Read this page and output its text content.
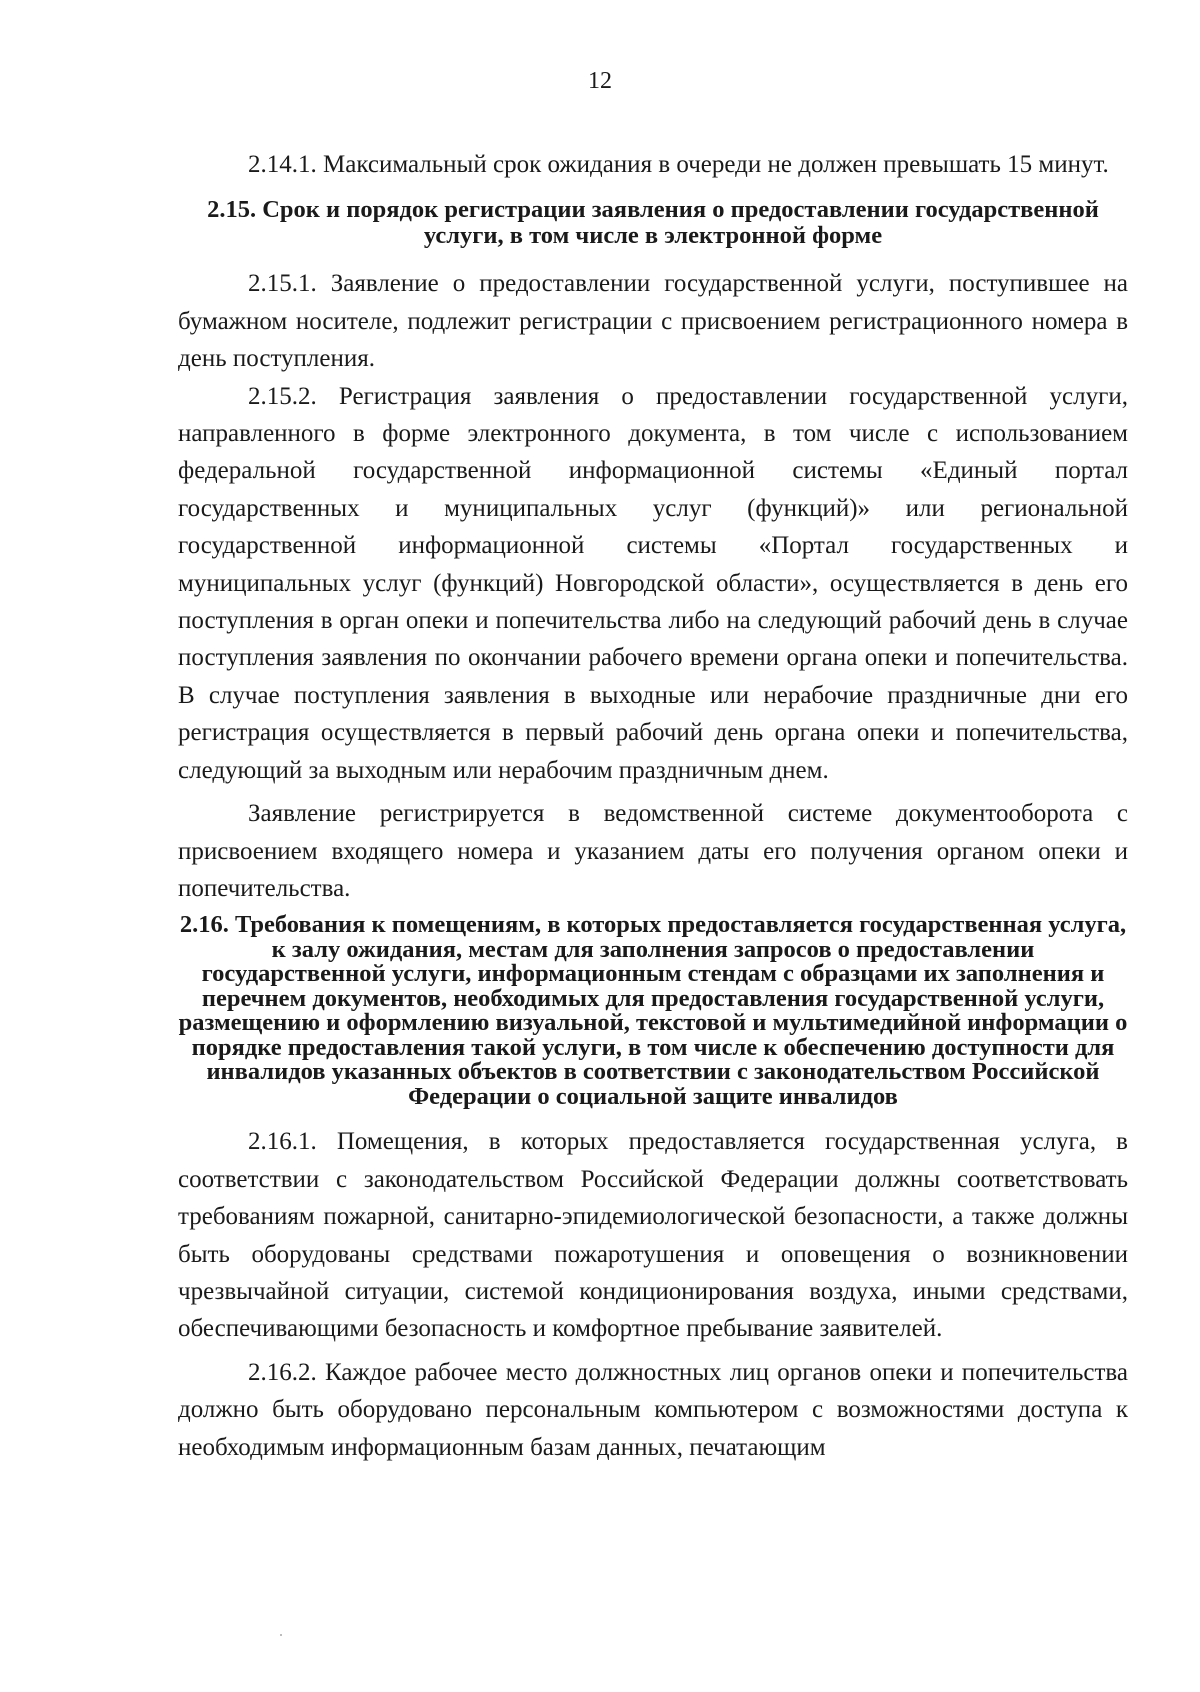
12

2.14.1. Максимальный срок ожидания в очереди не должен превышать 15 минут.

2.15. Срок и порядок регистрации заявления о предоставлении государственной услуги, в том числе в электронной форме

2.15.1. Заявление о предоставлении государственной услуги, поступившее на бумажном носителе, подлежит регистрации с присвоением регистрационного номера в день поступления.

2.15.2. Регистрация заявления о предоставлении государственной услуги, направленного в форме электронного документа, в том числе с использованием федеральной государственной информационной системы «Единый портал государственных и муниципальных услуг (функций)» или региональной государственной информационной системы «Портал государственных и муниципальных услуг (функций) Новгородской области», осуществляется в день его поступления в орган опеки и попечительства либо на следующий рабочий день в случае поступления заявления по окончании рабочего времени органа опеки и попечительства. В случае поступления заявления в выходные или нерабочие праздничные дни его регистрация осуществляется в первый рабочий день органа опеки и попечительства, следующий за выходным или нерабочим праздничным днем.

Заявление регистрируется в ведомственной системе документооборота с присвоением входящего номера и указанием даты его получения органом опеки и попечительства.

2.16. Требования к помещениям, в которых предоставляется государственная услуга, к залу ожидания, местам для заполнения запросов о предоставлении государственной услуги, информационным стендам с образцами их заполнения и перечнем документов, необходимых для предоставления государственной услуги, размещению и оформлению визуальной, текстовой и мультимедийной информации о порядке предоставления такой услуги, в том числе к обеспечению доступности для инвалидов указанных объектов в соответствии с законодательством Российской Федерации о социальной защите инвалидов

2.16.1. Помещения, в которых предоставляется государственная услуга, в соответствии с законодательством Российской Федерации должны соответствовать требованиям пожарной, санитарно-эпидемиологической безопасности, а также должны быть оборудованы средствами пожаротушения и оповещения о возникновении чрезвычайной ситуации, системой кондиционирования воздуха, иными средствами, обеспечивающими безопасность и комфортное пребывание заявителей.

2.16.2. Каждое рабочее место должностных лиц органов опеки и попечительства должно быть оборудовано персональным компьютером с возможностями доступа к необходимым информационным базам данных, печатающим
